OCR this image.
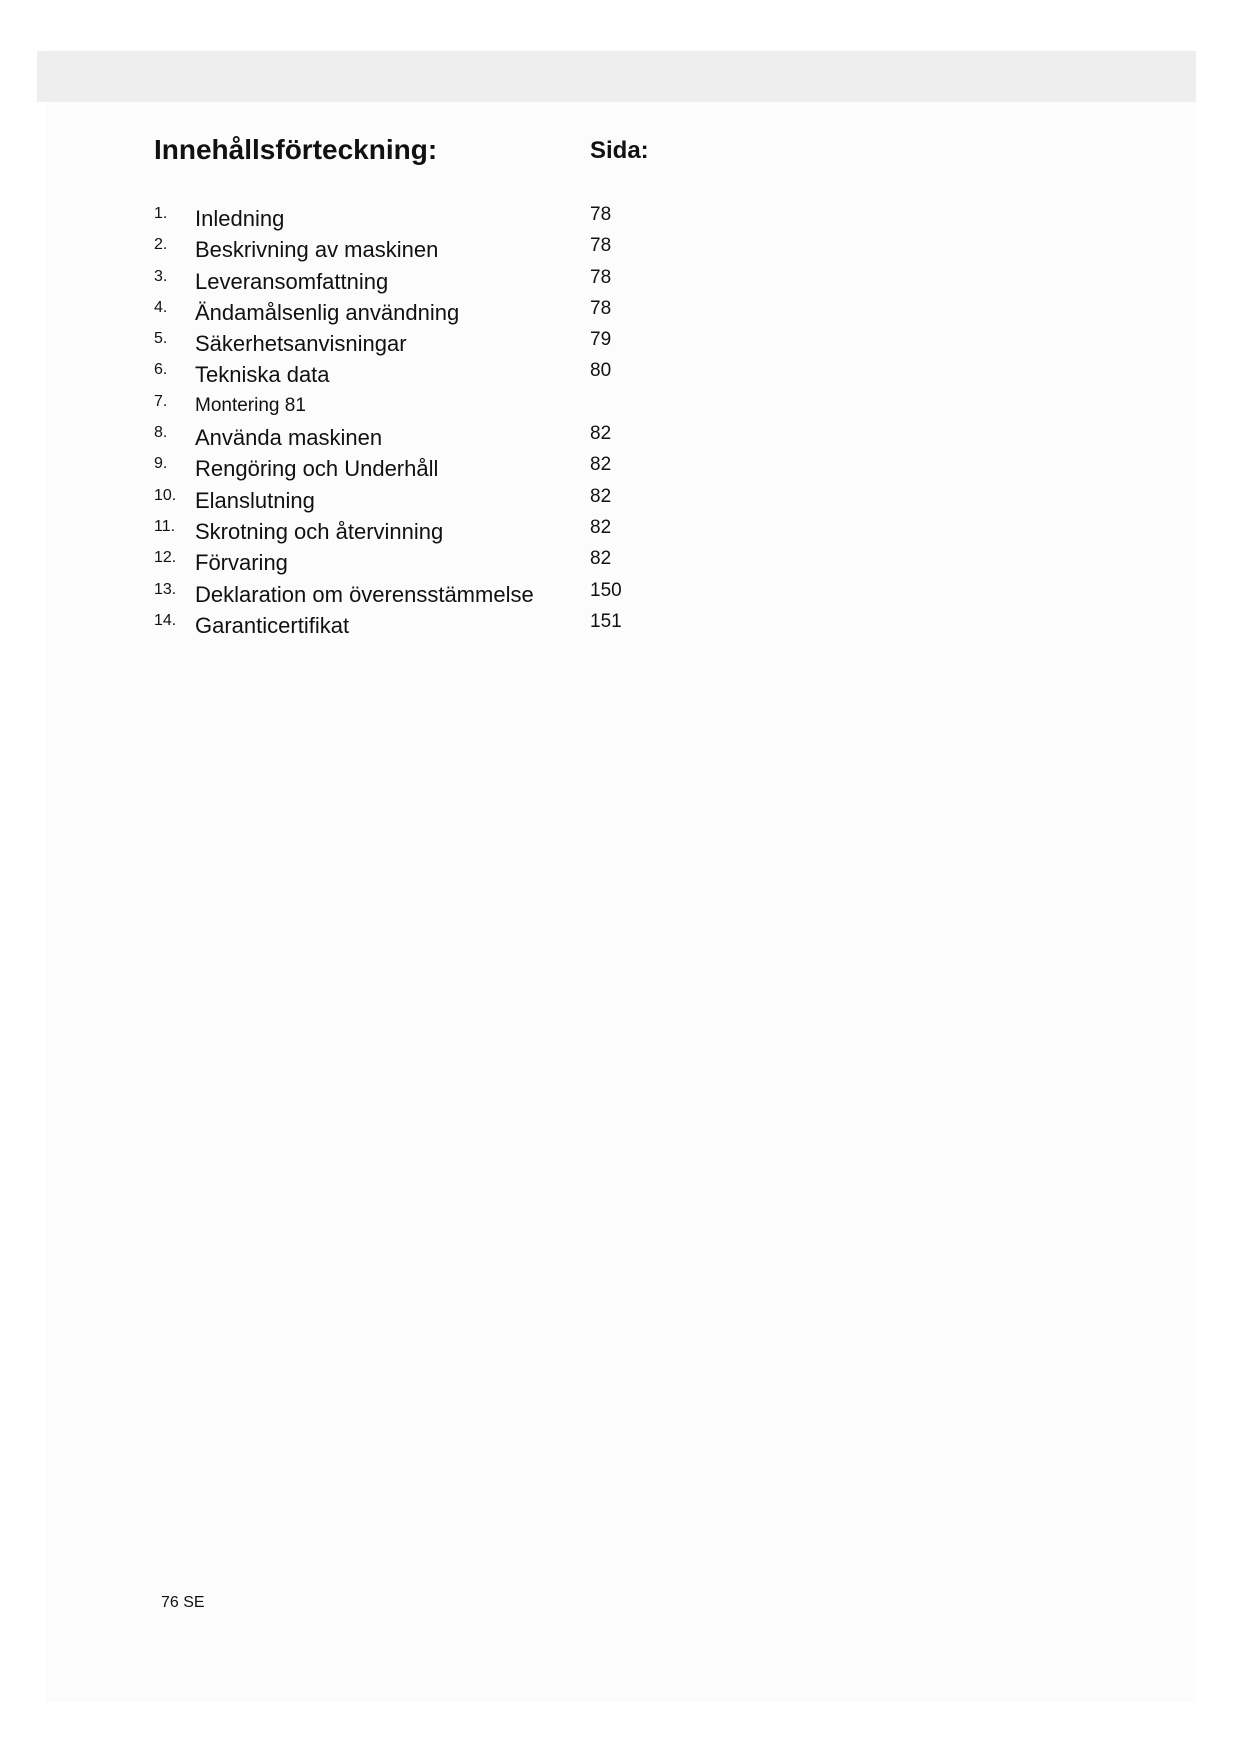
Innehållsförteckning:	Sida:
1. Inledning	78
2. Beskrivning av maskinen	78
3. Leveransomfattning	78
4. Ändamålsenlig användning	78
5. Säkerhetsanvisningar	79
6. Tekniska data	80
7. Montering 81
8. Använda maskinen	82
9. Rengöring och Underhåll	82
10. Elanslutning	82
11. Skrotning och återvinning	82
12. Förvaring	82
13. Deklaration om överensstämmelse	150
14. Garanticertifikat	151
76 SE
